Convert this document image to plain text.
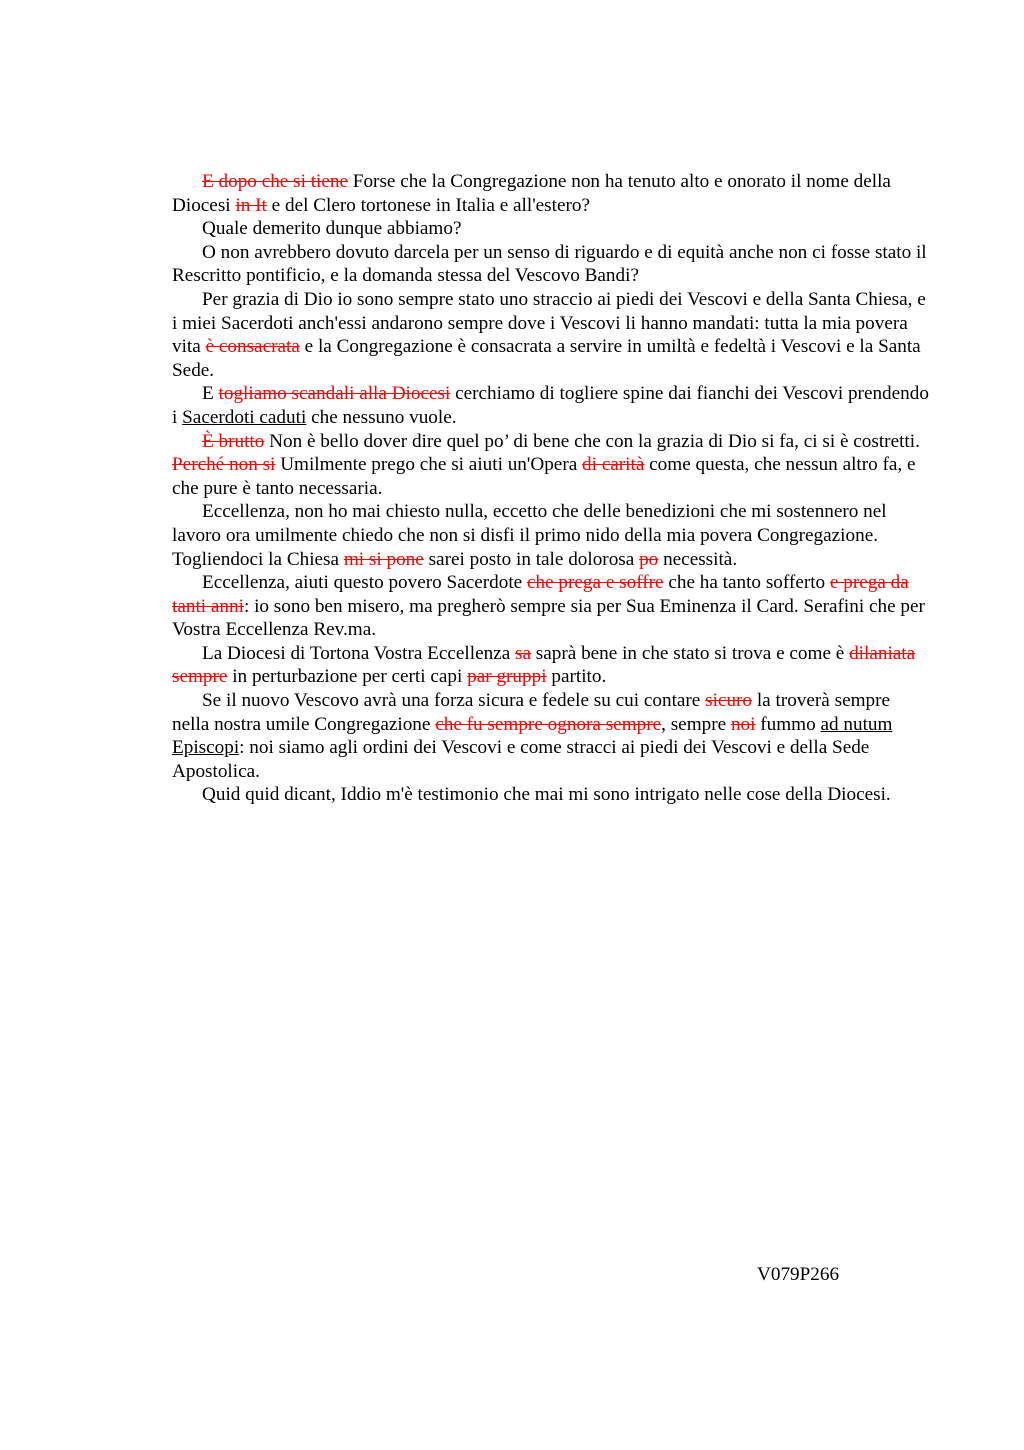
E dopo che si tiene Forse che la Congregazione non ha tenuto alto e onorato il nome della Diocesi in It e del Clero tortonese in Italia e all'estero?

Quale demerito dunque abbiamo?

O non avrebbero dovuto darcela per un senso di riguardo e di equità anche non ci fosse stato il Rescritto pontificio, e la domanda stessa del Vescovo Bandi?

Per grazia di Dio io sono sempre stato uno straccio ai piedi dei Vescovi e della Santa Chiesa, e i miei Sacerdoti anch'essi andarono sempre dove i Vescovi li hanno mandati: tutta la mia povera vita è consacrata e la Congregazione è consacrata a servire in umiltà e fedeltà i Vescovi e la Santa Sede.

E togliamo scandali alla Diocesi cerchiamo di togliere spine dai fianchi dei Vescovi prendendo i Sacerdoti caduti che nessuno vuole.

È brutto Non è bello dover dire quel po’ di bene che con la grazia di Dio si fa, ci si è costretti. Perché non si Umilmente prego che si aiuti un'Opera di carità come questa, che nessun altro fa, e che pure è tanto necessaria.

Eccellenza, non ho mai chiesto nulla, eccetto che delle benedizioni che mi sostennero nel lavoro ora umilmente chiedo che non si disfi il primo nido della mia povera Congregazione. Togliendoci la Chiesa mi si pone sarei posto in tale dolorosa po necessità.

Eccellenza, aiuti questo povero Sacerdote che prega e soffre che ha tanto sofferto e prega da tanti anni: io sono ben misero, ma pregherò sempre sia per Sua Eminenza il Card. Serafini che per Vostra Eccellenza Rev.ma.

La Diocesi di Tortona Vostra Eccellenza sa saprà bene in che stato si trova e come è dilaniata sempre in perturbazione per certi capi par gruppi partito.

Se il nuovo Vescovo avrà una forza sicura e fedele su cui contare sicuro la troverà sempre nella nostra umile Congregazione che fu sempre ognora sempre, sempre noi fummo ad nutum Episcopi: noi siamo agli ordini dei Vescovi e come stracci ai piedi dei Vescovi e della Sede Apostolica.

Quid quid dicant, Iddio m'è testimonio che mai mi sono intrigato nelle cose della Diocesi.

V079P266
